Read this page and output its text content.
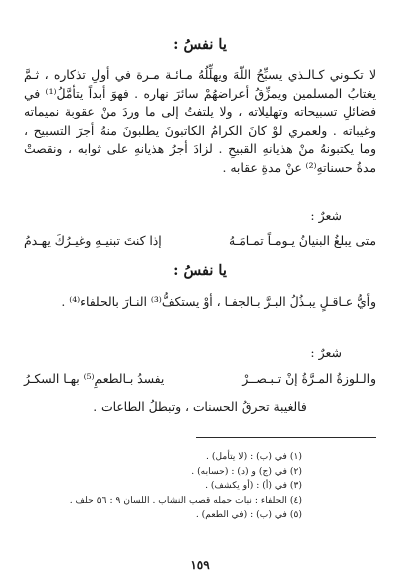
يا نفسُ :
لا تكـوني كـالـذي يسبِّحُ اللّهَ ويهلِّلُهُ مـائـة مـرة في أولِ تذكاره ، ثـمَّ يغتابُ المسلمين ويمزِّقُ أعراضهُمْ سائرَ نهاره . فهوَ أبداً يتأمَّلُ⁽¹⁾ في فضائلِ تسبيحاته وتهليلاته ، ولا يلتفتُ إلى ما وردَ منْ عقوبة نميماته وغيباته . ولعمري لوْ كانَ الكرامُ الكاتبونَ يطلبونَ منهُ أجرَ التسبيح ، وما يكتبونهُ منْ هذيانهِ القبيحِ . لزادَ أجرُ هذيانهِ على ثوابه ، ونقصتْ مدةُ حسناتهِ⁽²⁾ عنْ مدةِ عقابه .
شعرٌ :
متى يبلغُ البنيانُ يـومـاً تمـامَـهُ
إذا كنتَ تبنيـهِ وغيـرُكَ يهـدمُ
يا نفسُ :
وأيُّ عـاقـلٍ يبـذُلُ البـرَّ بـالجفـا ، أوْ يستكفُّ⁽³⁾ النـارَ بالحلفاء⁽⁴⁾ .
شعرٌ :
والـلوزةُ المـرَّةُ إنْ تـبـصــرْ
يفسدُ بـالطعمِ⁽⁵⁾ بهـا السكـرُ
فالغيبة تحرقُ الحسنات ، وتبطلُ الطاعات .
(١) في (ب) : (لا يتأمل) .
(٢) في (ج) و (د) : (حسابه) .
(٣) في (أ) : (أو يكشف) .
(٤) الحلفاء : نبات حمله قصب النشاب . اللسان ٩ : ٥٦ حلف .
(٥) في (ب) : (في الطعم) .
١٥٩
